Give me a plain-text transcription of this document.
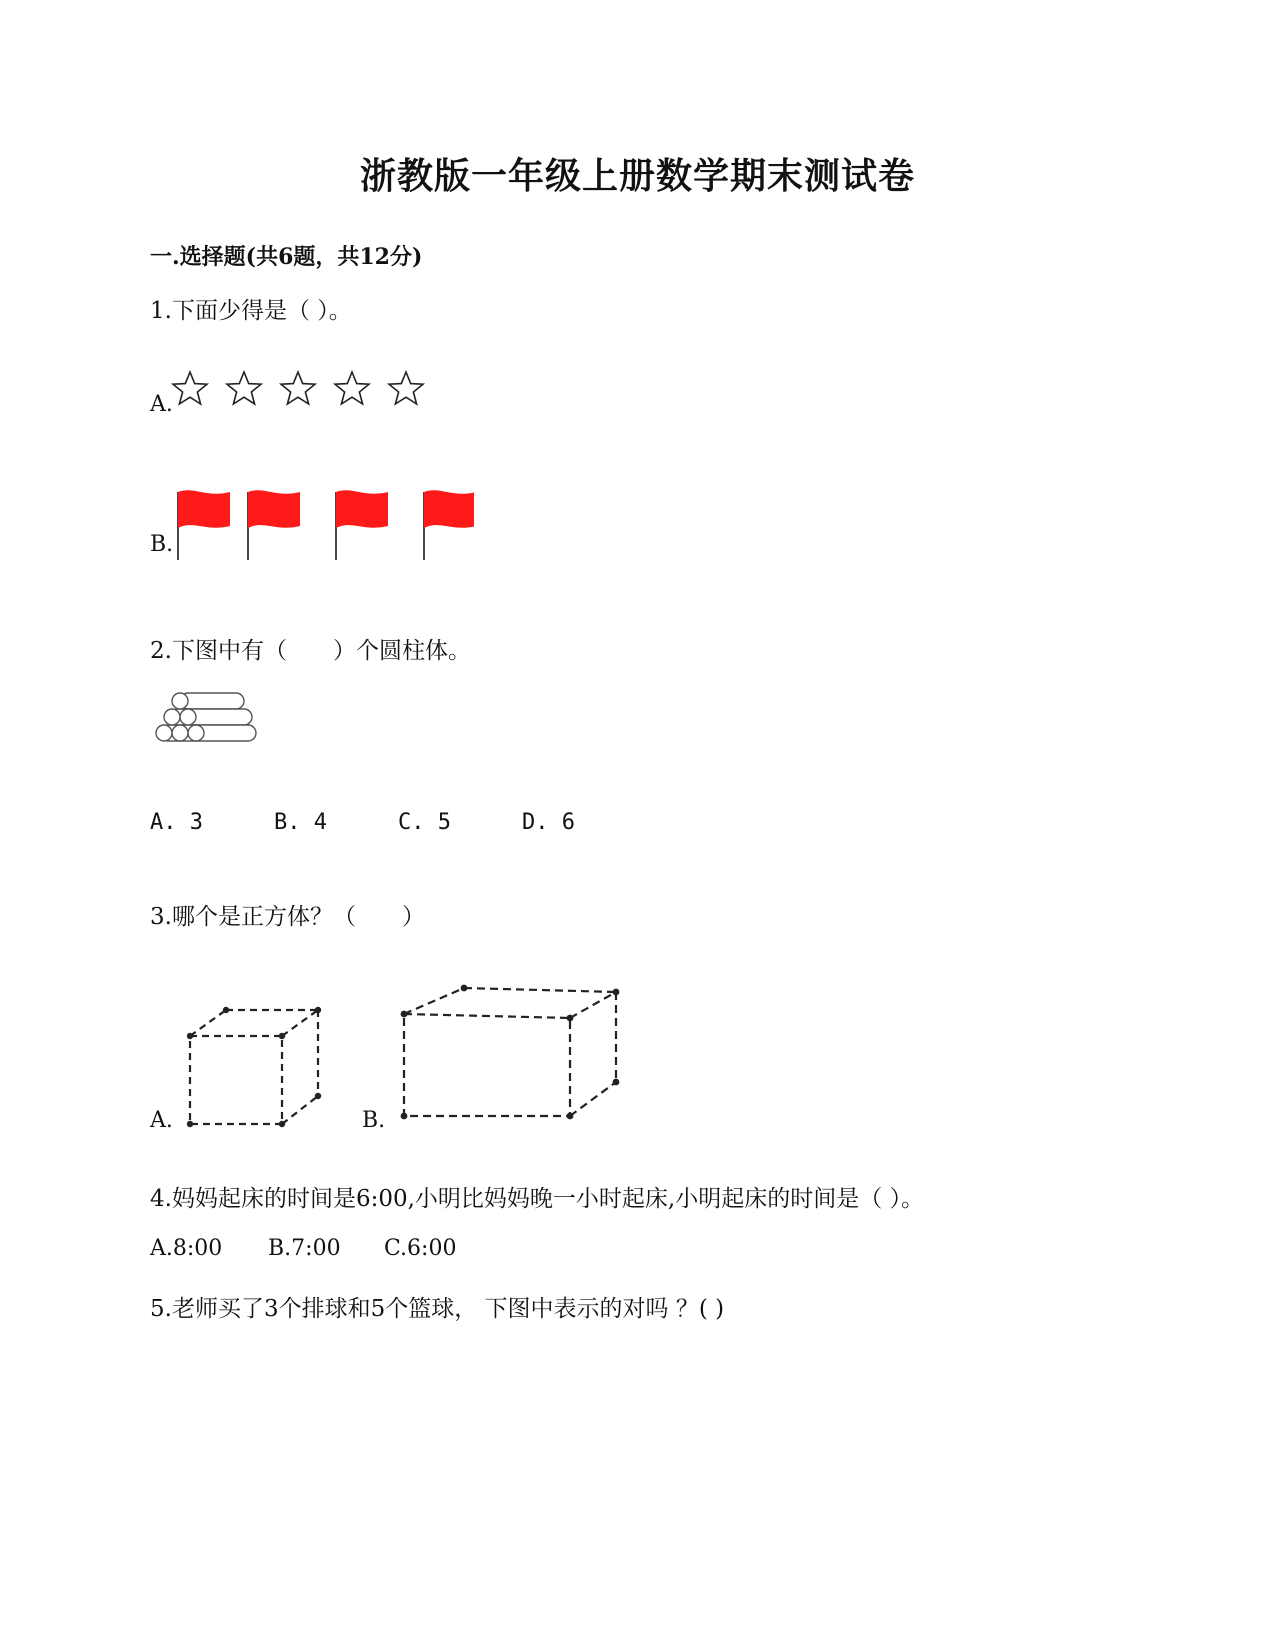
浙教版一年级上册数学期末测试卷
一.选择题(共6题，共12分)
1.下面少得是（ ）。
A.
B.
2.下图中有（　　）个圆柱体。
A. 3	B. 4	C. 5	D. 6
3.哪个是正方体？（　　）
A.	B.
4.妈妈起床的时间是6:00,小明比妈妈晚一小时起床,小明起床的时间是（ ）。
A.8:00 B.7:00 C.6:00
5.老师买了3个排球和5个篮球， 下图中表示的对吗 ？( )
